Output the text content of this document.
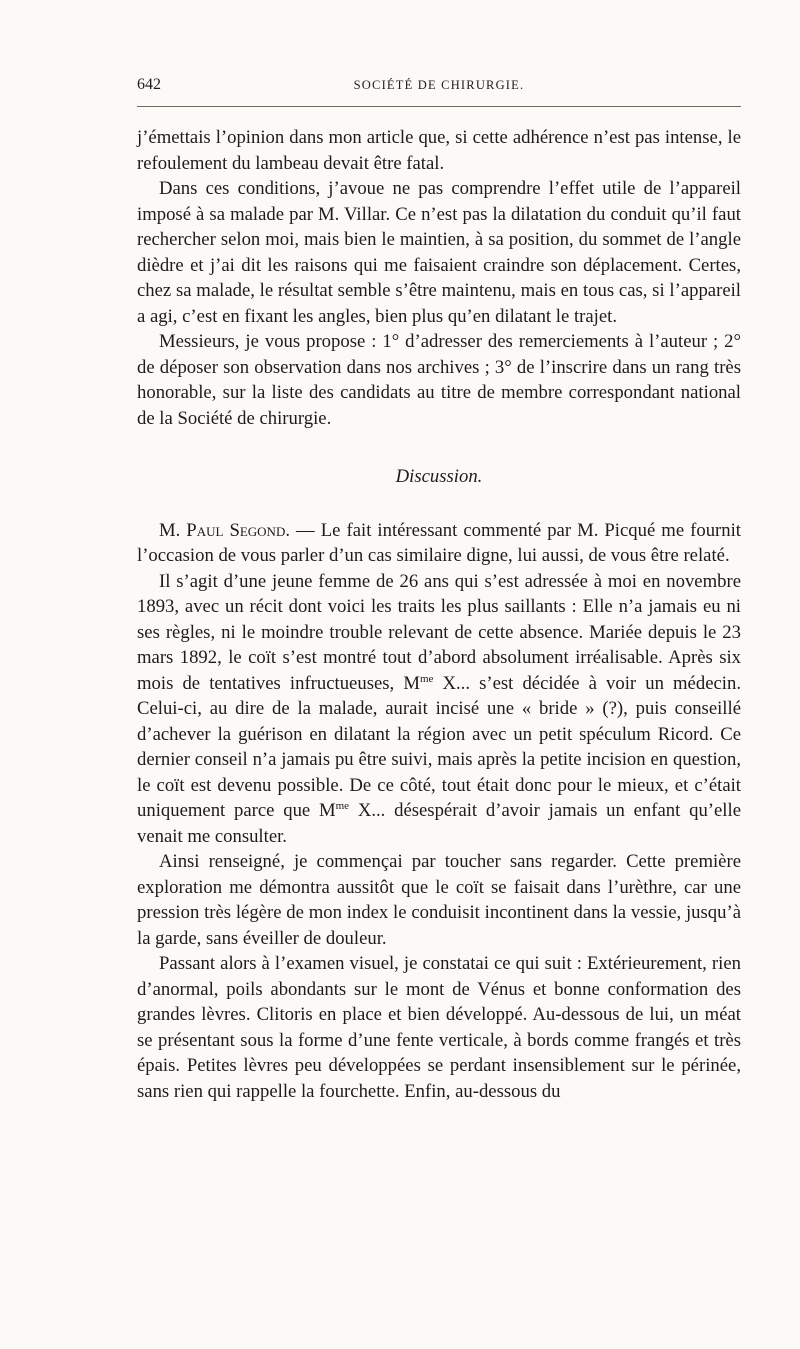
642	SOCIÉTÉ DE CHIRURGIE.

j’émettais l’opinion dans mon article que, si cette adhérence n’est pas intense, le refoulement du lambeau devait être fatal.

Dans ces conditions, j’avoue ne pas comprendre l’effet utile de l’appareil imposé à sa malade par M. Villar. Ce n’est pas la dilatation du conduit qu’il faut rechercher selon moi, mais bien le maintien, à sa position, du sommet de l’angle dièdre et j’ai dit les raisons qui me faisaient craindre son déplacement. Certes, chez sa malade, le résultat semble s’être maintenu, mais en tous cas, si l’appareil a agi, c’est en fixant les angles, bien plus qu’en dilatant le trajet.

Messieurs, je vous propose : 1° d’adresser des remerciements à l’auteur ; 2° de déposer son observation dans nos archives ; 3° de l’inscrire dans un rang très honorable, sur la liste des candidats au titre de membre correspondant national de la Société de chirurgie.

Discussion.

M. Paul Segond. — Le fait intéressant commenté par M. Picqué me fournit l’occasion de vous parler d’un cas similaire digne, lui aussi, de vous être relaté.

Il s’agit d’une jeune femme de 26 ans qui s’est adressée à moi en novembre 1893, avec un récit dont voici les traits les plus saillants : Elle n’a jamais eu ni ses règles, ni le moindre trouble relevant de cette absence. Mariée depuis le 23 mars 1892, le coït s’est montré tout d’abord absolument irréalisable. Après six mois de tentatives infructueuses, $M^{me}$ X... s’est décidée à voir un médecin. Celui-ci, au dire de la malade, aurait incisé une « bride » (?), puis conseillé d’achever la guérison en dilatant la région avec un petit spéculum Ricord. Ce dernier conseil n’a jamais pu être suivi, mais après la petite incision en question, le coït est devenu possible. De ce côté, tout était donc pour le mieux, et c’était uniquement parce que $M^{me}$ X... désespérait d’avoir jamais un enfant qu’elle venait me consulter.

Ainsi renseigné, je commençai par toucher sans regarder. Cette première exploration me démontra aussitôt que le coït se faisait dans l’urèthre, car une pression très légère de mon index le conduisit incontinent dans la vessie, jusqu’à la garde, sans éveiller de douleur.

Passant alors à l’examen visuel, je constatai ce qui suit : Extérieurement, rien d’anormal, poils abondants sur le mont de Vénus et bonne conformation des grandes lèvres. Clitoris en place et bien développé. Au-dessous de lui, un méat se présentant sous la forme d’une fente verticale, à bords comme frangés et très épais. Petites lèvres peu développées se perdant insensiblement sur le périnée, sans rien qui rappelle la fourchette. Enfin, au-dessous du
